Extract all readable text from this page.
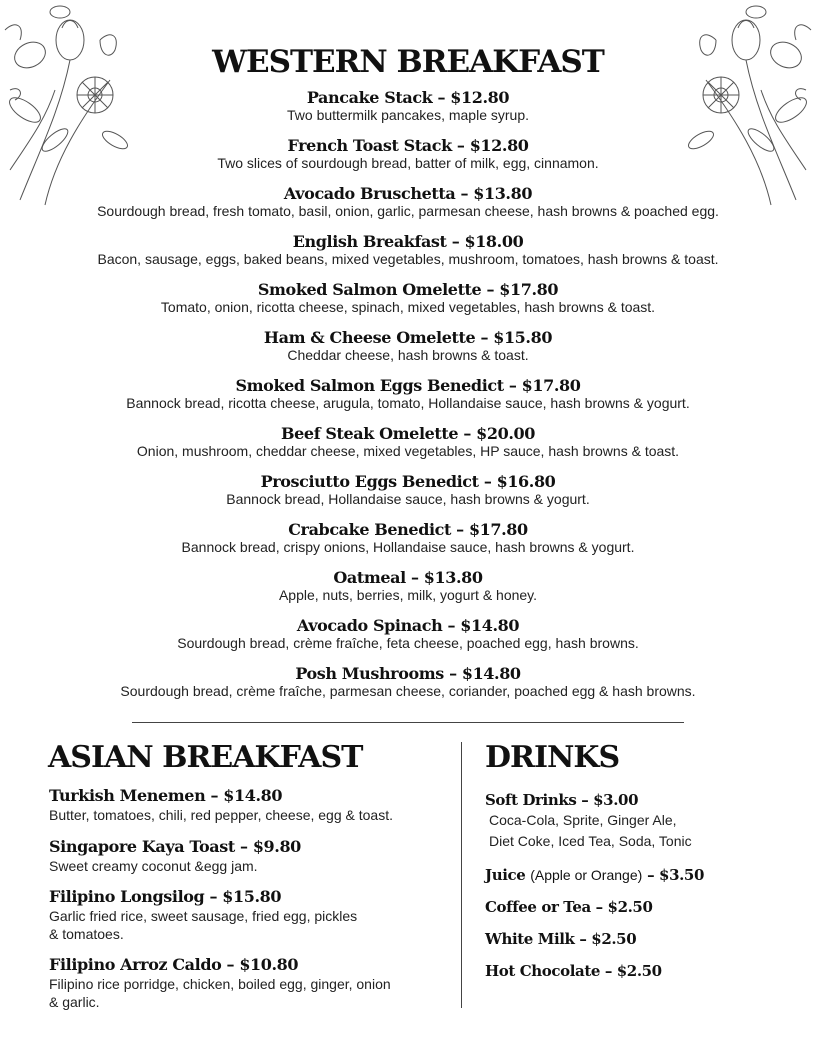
WESTERN BREAKFAST
Pancake Stack – $12.80
Two buttermilk pancakes, maple syrup.
French Toast Stack – $12.80
Two slices of sourdough bread, batter of milk, egg, cinnamon.
Avocado Bruschetta – $13.80
Sourdough bread, fresh tomato, basil, onion, garlic, parmesan cheese, hash browns & poached egg.
English Breakfast – $18.00
Bacon, sausage, eggs, baked beans, mixed vegetables, mushroom, tomatoes, hash browns & toast.
Smoked Salmon Omelette – $17.80
Tomato, onion, ricotta cheese, spinach, mixed vegetables, hash browns & toast.
Ham & Cheese Omelette – $15.80
Cheddar cheese, hash browns & toast.
Smoked Salmon Eggs Benedict – $17.80
Bannock bread, ricotta cheese, arugula, tomato, Hollandaise sauce, hash browns & yogurt.
Beef Steak Omelette – $20.00
Onion, mushroom, cheddar cheese, mixed vegetables, HP sauce, hash browns & toast.
Prosciutto Eggs Benedict – $16.80
Bannock bread, Hollandaise sauce, hash browns & yogurt.
Crabcake Benedict – $17.80
Bannock bread, crispy onions, Hollandaise sauce, hash browns & yogurt.
Oatmeal – $13.80
Apple, nuts, berries, milk, yogurt & honey.
Avocado Spinach – $14.80
Sourdough bread, crème fraîche, feta cheese, poached egg, hash browns.
Posh Mushrooms – $14.80
Sourdough bread, crème fraîche, parmesan cheese, coriander, poached egg & hash browns.
ASIAN BREAKFAST
Turkish Menemen – $14.80
Butter, tomatoes, chili, red pepper, cheese, egg & toast.
Singapore Kaya Toast – $9.80
Sweet creamy coconut &egg jam.
Filipino Longsilog – $15.80
Garlic fried rice, sweet sausage, fried egg, pickles
& tomatoes.
Filipino Arroz Caldo – $10.80
Filipino rice porridge, chicken, boiled egg, ginger, onion
& garlic.
DRINKS
Soft Drinks – $3.00
Coca-Cola, Sprite, Ginger Ale,
Diet Coke, Iced Tea, Soda, Tonic
Juice (Apple or Orange) – $3.50
Coffee or Tea – $2.50
White Milk – $2.50
Hot Chocolate – $2.50
